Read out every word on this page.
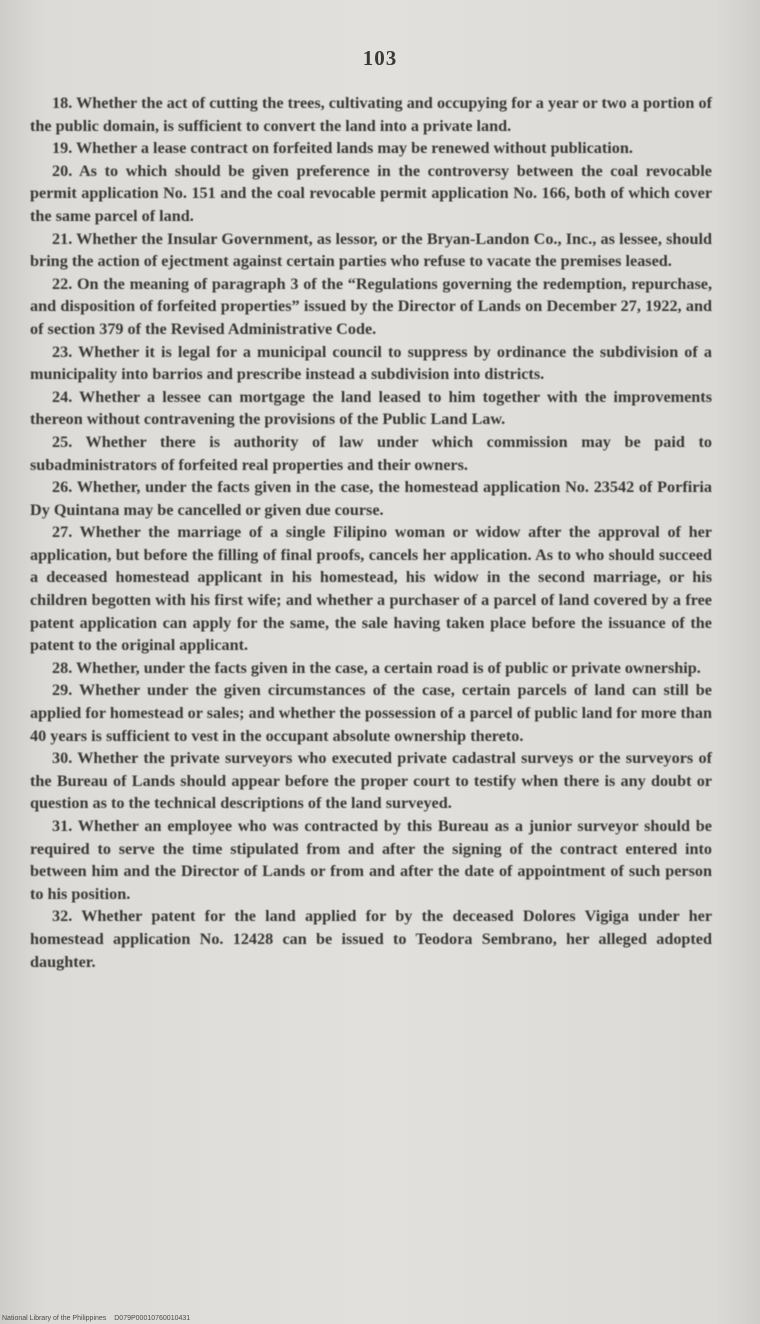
103

18. Whether the act of cutting the trees, cultivating and occupying for a year or two a portion of the public domain, is sufficient to convert the land into a private land.

19. Whether a lease contract on forfeited lands may be renewed without publication.

20. As to which should be given preference in the controversy between the coal revocable permit application No. 151 and the coal revocable permit application No. 166, both of which cover the same parcel of land.

21. Whether the Insular Government, as lessor, or the Bryan-Landon Co., Inc., as lessee, should bring the action of ejectment against certain parties who refuse to vacate the premises leased.

22. On the meaning of paragraph 3 of the “Regulations governing the redemption, repurchase, and disposition of forfeited properties” issued by the Director of Lands on December 27, 1922, and of section 379 of the Revised Administrative Code.

23. Whether it is legal for a municipal council to suppress by ordinance the subdivision of a municipality into barrios and prescribe instead a subdivision into districts.

24. Whether a lessee can mortgage the land leased to him together with the improvements thereon without contravening the provisions of the Public Land Law.

25. Whether there is authority of law under which commission may be paid to subadministrators of forfeited real properties and their owners.

26. Whether, under the facts given in the case, the homestead application No. 23542 of Porfiria Dy Quintana may be cancelled or given due course.

27. Whether the marriage of a single Filipino woman or widow after the approval of her application, but before the filling of final proofs, cancels her application. As to who should succeed a deceased homestead applicant in his homestead, his widow in the second marriage, or his children begotten with his first wife; and whether a purchaser of a parcel of land covered by a free patent application can apply for the same, the sale having taken place before the issuance of the patent to the original applicant.

28. Whether, under the facts given in the case, a certain road is of public or private ownership.

29. Whether under the given circumstances of the case, certain parcels of land can still be applied for homestead or sales; and whether the possession of a parcel of public land for more than 40 years is sufficient to vest in the occupant absolute ownership thereto.

30. Whether the private surveyors who executed private cadastral surveys or the surveyors of the Bureau of Lands should appear before the proper court to testify when there is any doubt or question as to the technical descriptions of the land surveyed.

31. Whether an employee who was contracted by this Bureau as a junior surveyor should be required to serve the time stipulated from and after the signing of the contract entered into between him and the Director of Lands or from and after the date of appointment of such person to his position.

32. Whether patent for the land applied for by the deceased Dolores Vigiga under her homestead application No. 12428 can be issued to Teodora Sembrano, her alleged adopted daughter.

National Library of the Philippines D079P00010760010431
